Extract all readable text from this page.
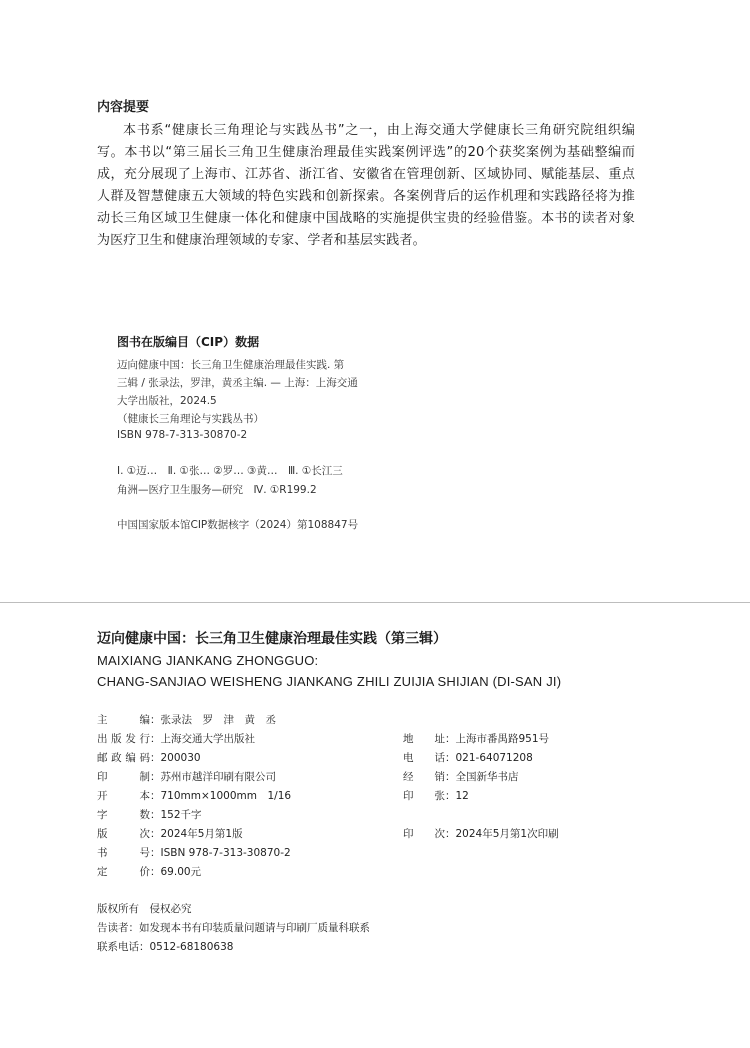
内容提要

本书系“健康长三角理论与实践丛书”之一，由上海交通大学健康长三角研究院组织编写。本书以“第三届长三角卫生健康治理最佳实践案例评选”的20个获奖案例为基础整编而成，充分展现了上海市、江苏省、浙江省、安徽省在管理创新、区域协同、赋能基层、重点人群及智慧健康五大领域的特色实践和创新探索。各案例背后的运作机理和实践路径将为推动长三角区域卫生健康一体化和健康中国战略的实施提供宝贵的经验借鉴。本书的读者对象为医疗卫生和健康治理领域的专家、学者和基层实践者。

图书在版编目（CIP）数据
迈向健康中国：长三角卫生健康治理最佳实践. 第
三辑 / 张录法，罗津，黄丞主编. — 上海：上海交通
大学出版社，2024.5
（健康长三角理论与实践丛书）
ISBN 978-7-313-30870-2
Ⅰ. ①迈…　Ⅱ. ①张… ②罗… ③黄…　Ⅲ. ①长江三
角洲—医疗卫生服务—研究　Ⅳ. ①R199.2
中国国家版本馆CIP数据核字（2024）第108847号
迈向健康中国：长三角卫生健康治理最佳实践（第三辑）
MAIXIANG JIANKANG ZHONGGUO:
CHANG-SANJIAO WEISHENG JIANKANG ZHILI ZUIJIA SHIJIAN (DI-SAN JI)
主编：张录法　罗　津　黄　丞
出版发行：上海交通大学出版社
邮政编码：200030
印制：苏州市越洋印刷有限公司
开本：710mm×1000mm　1/16
字数：152千字
版次：2024年5月第1版
书号：ISBN 978-7-313-30870-2
定价：69.00元
地址：上海市番禺路951号
电话：021-64071208
经销：全国新华书店
印张：12
印次：2024年5月第1次印刷
版权所有　侵权必究
告读者：如发现本书有印装质量问题请与印刷厂质量科联系
联系电话：0512-68180638
